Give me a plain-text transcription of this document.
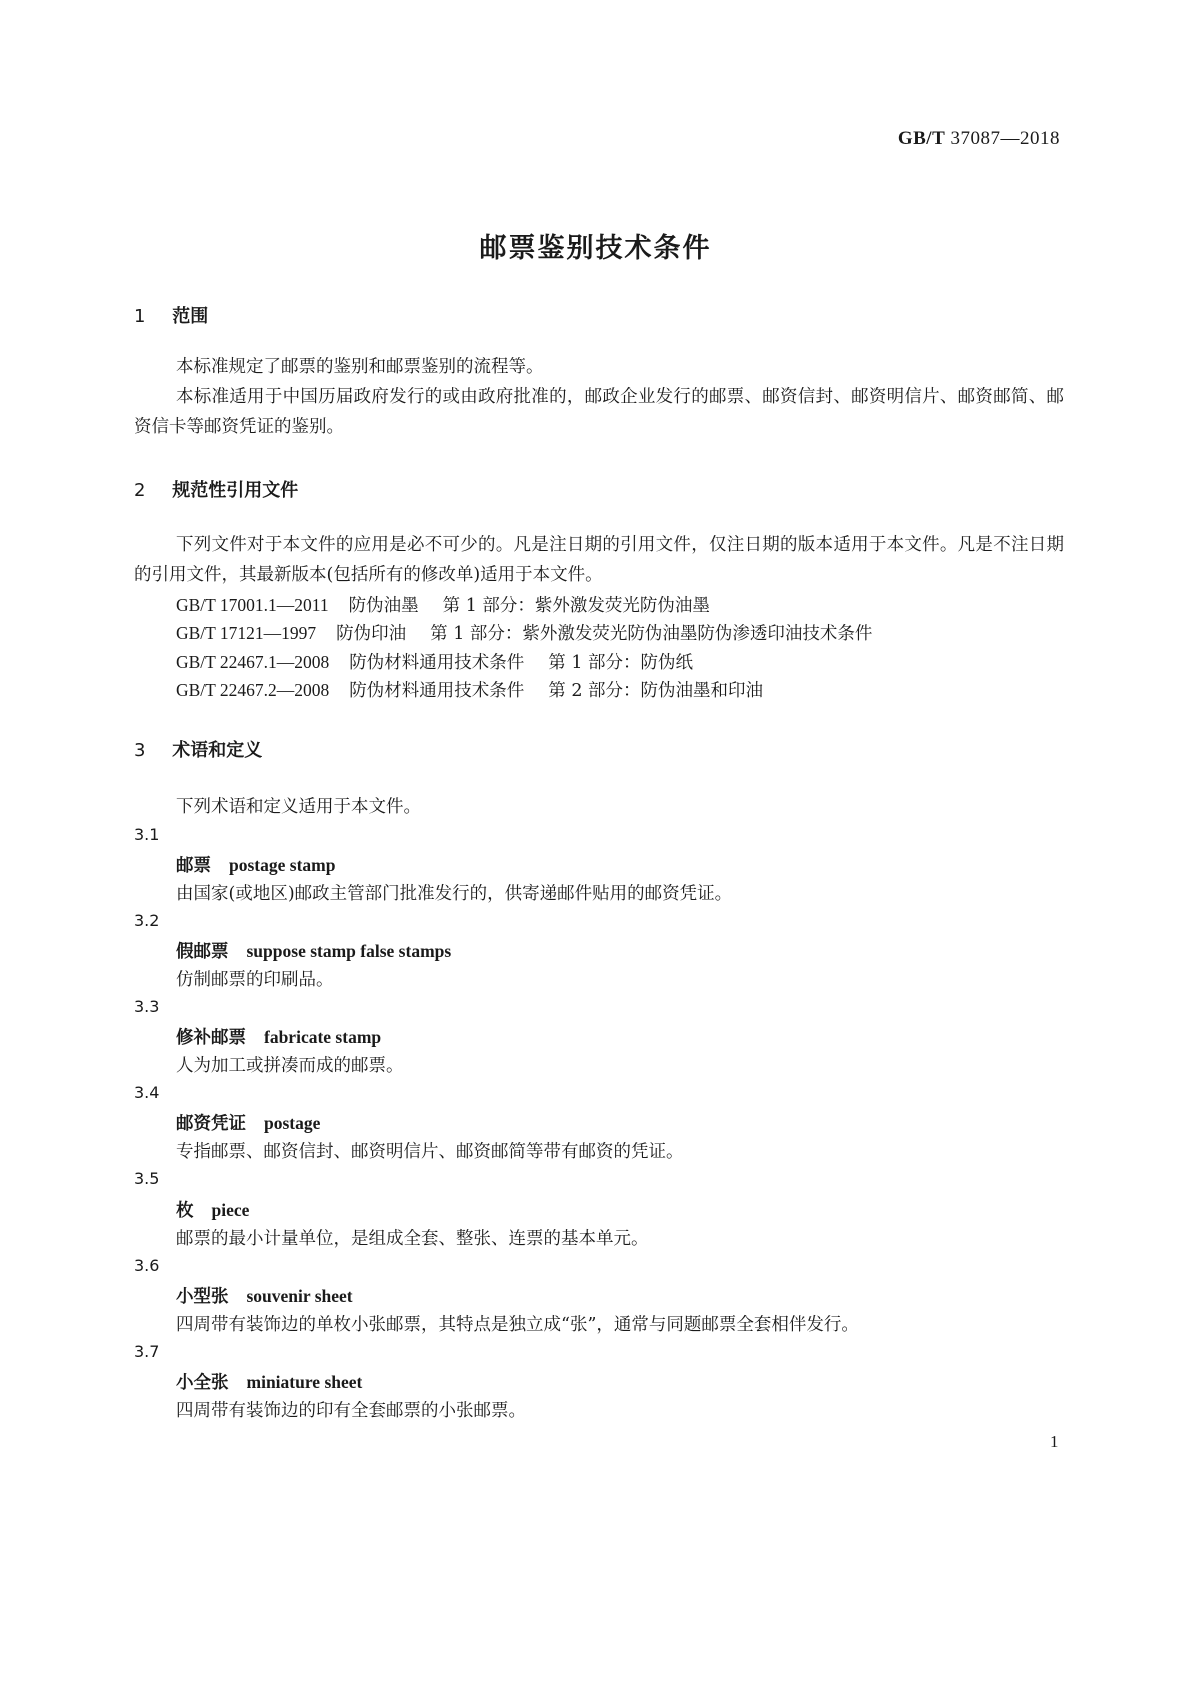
GB/T 37087—2018
邮票鉴别技术条件
1 范围
本标准规定了邮票的鉴别和邮票鉴别的流程等。
本标准适用于中国历届政府发行的或由政府批准的，邮政企业发行的邮票、邮资信封、邮资明信片、邮资邮简、邮资信卡等邮资凭证的鉴别。
2 规范性引用文件
下列文件对于本文件的应用是必不可少的。凡是注日期的引用文件，仅注日期的版本适用于本文件。凡是不注日期的引用文件，其最新版本(包括所有的修改单)适用于本文件。
GB/T 17001.1—2011 防伪油墨 第 1 部分：紫外激发荧光防伪油墨
GB/T 17121—1997 防伪印油 第 1 部分：紫外激发荧光防伪油墨防伪渗透印油技术条件
GB/T 22467.1—2008 防伪材料通用技术条件 第 1 部分：防伪纸
GB/T 22467.2—2008 防伪材料通用技术条件 第 2 部分：防伪油墨和印油
3 术语和定义
下列术语和定义适用于本文件。
3.1
邮票 postage stamp
由国家(或地区)邮政主管部门批准发行的，供寄递邮件贴用的邮资凭证。
3.2
假邮票 suppose stamp false stamps
仿制邮票的印刷品。
3.3
修补邮票 fabricate stamp
人为加工或拼凑而成的邮票。
3.4
邮资凭证 postage
专指邮票、邮资信封、邮资明信片、邮资邮简等带有邮资的凭证。
3.5
枚 piece
邮票的最小计量单位，是组成全套、整张、连票的基本单元。
3.6
小型张 souvenir sheet
四周带有装饰边的单枚小张邮票，其特点是独立成“张”，通常与同题邮票全套相伴发行。
3.7
小全张 miniature sheet
四周带有装饰边的印有全套邮票的小张邮票。
1
